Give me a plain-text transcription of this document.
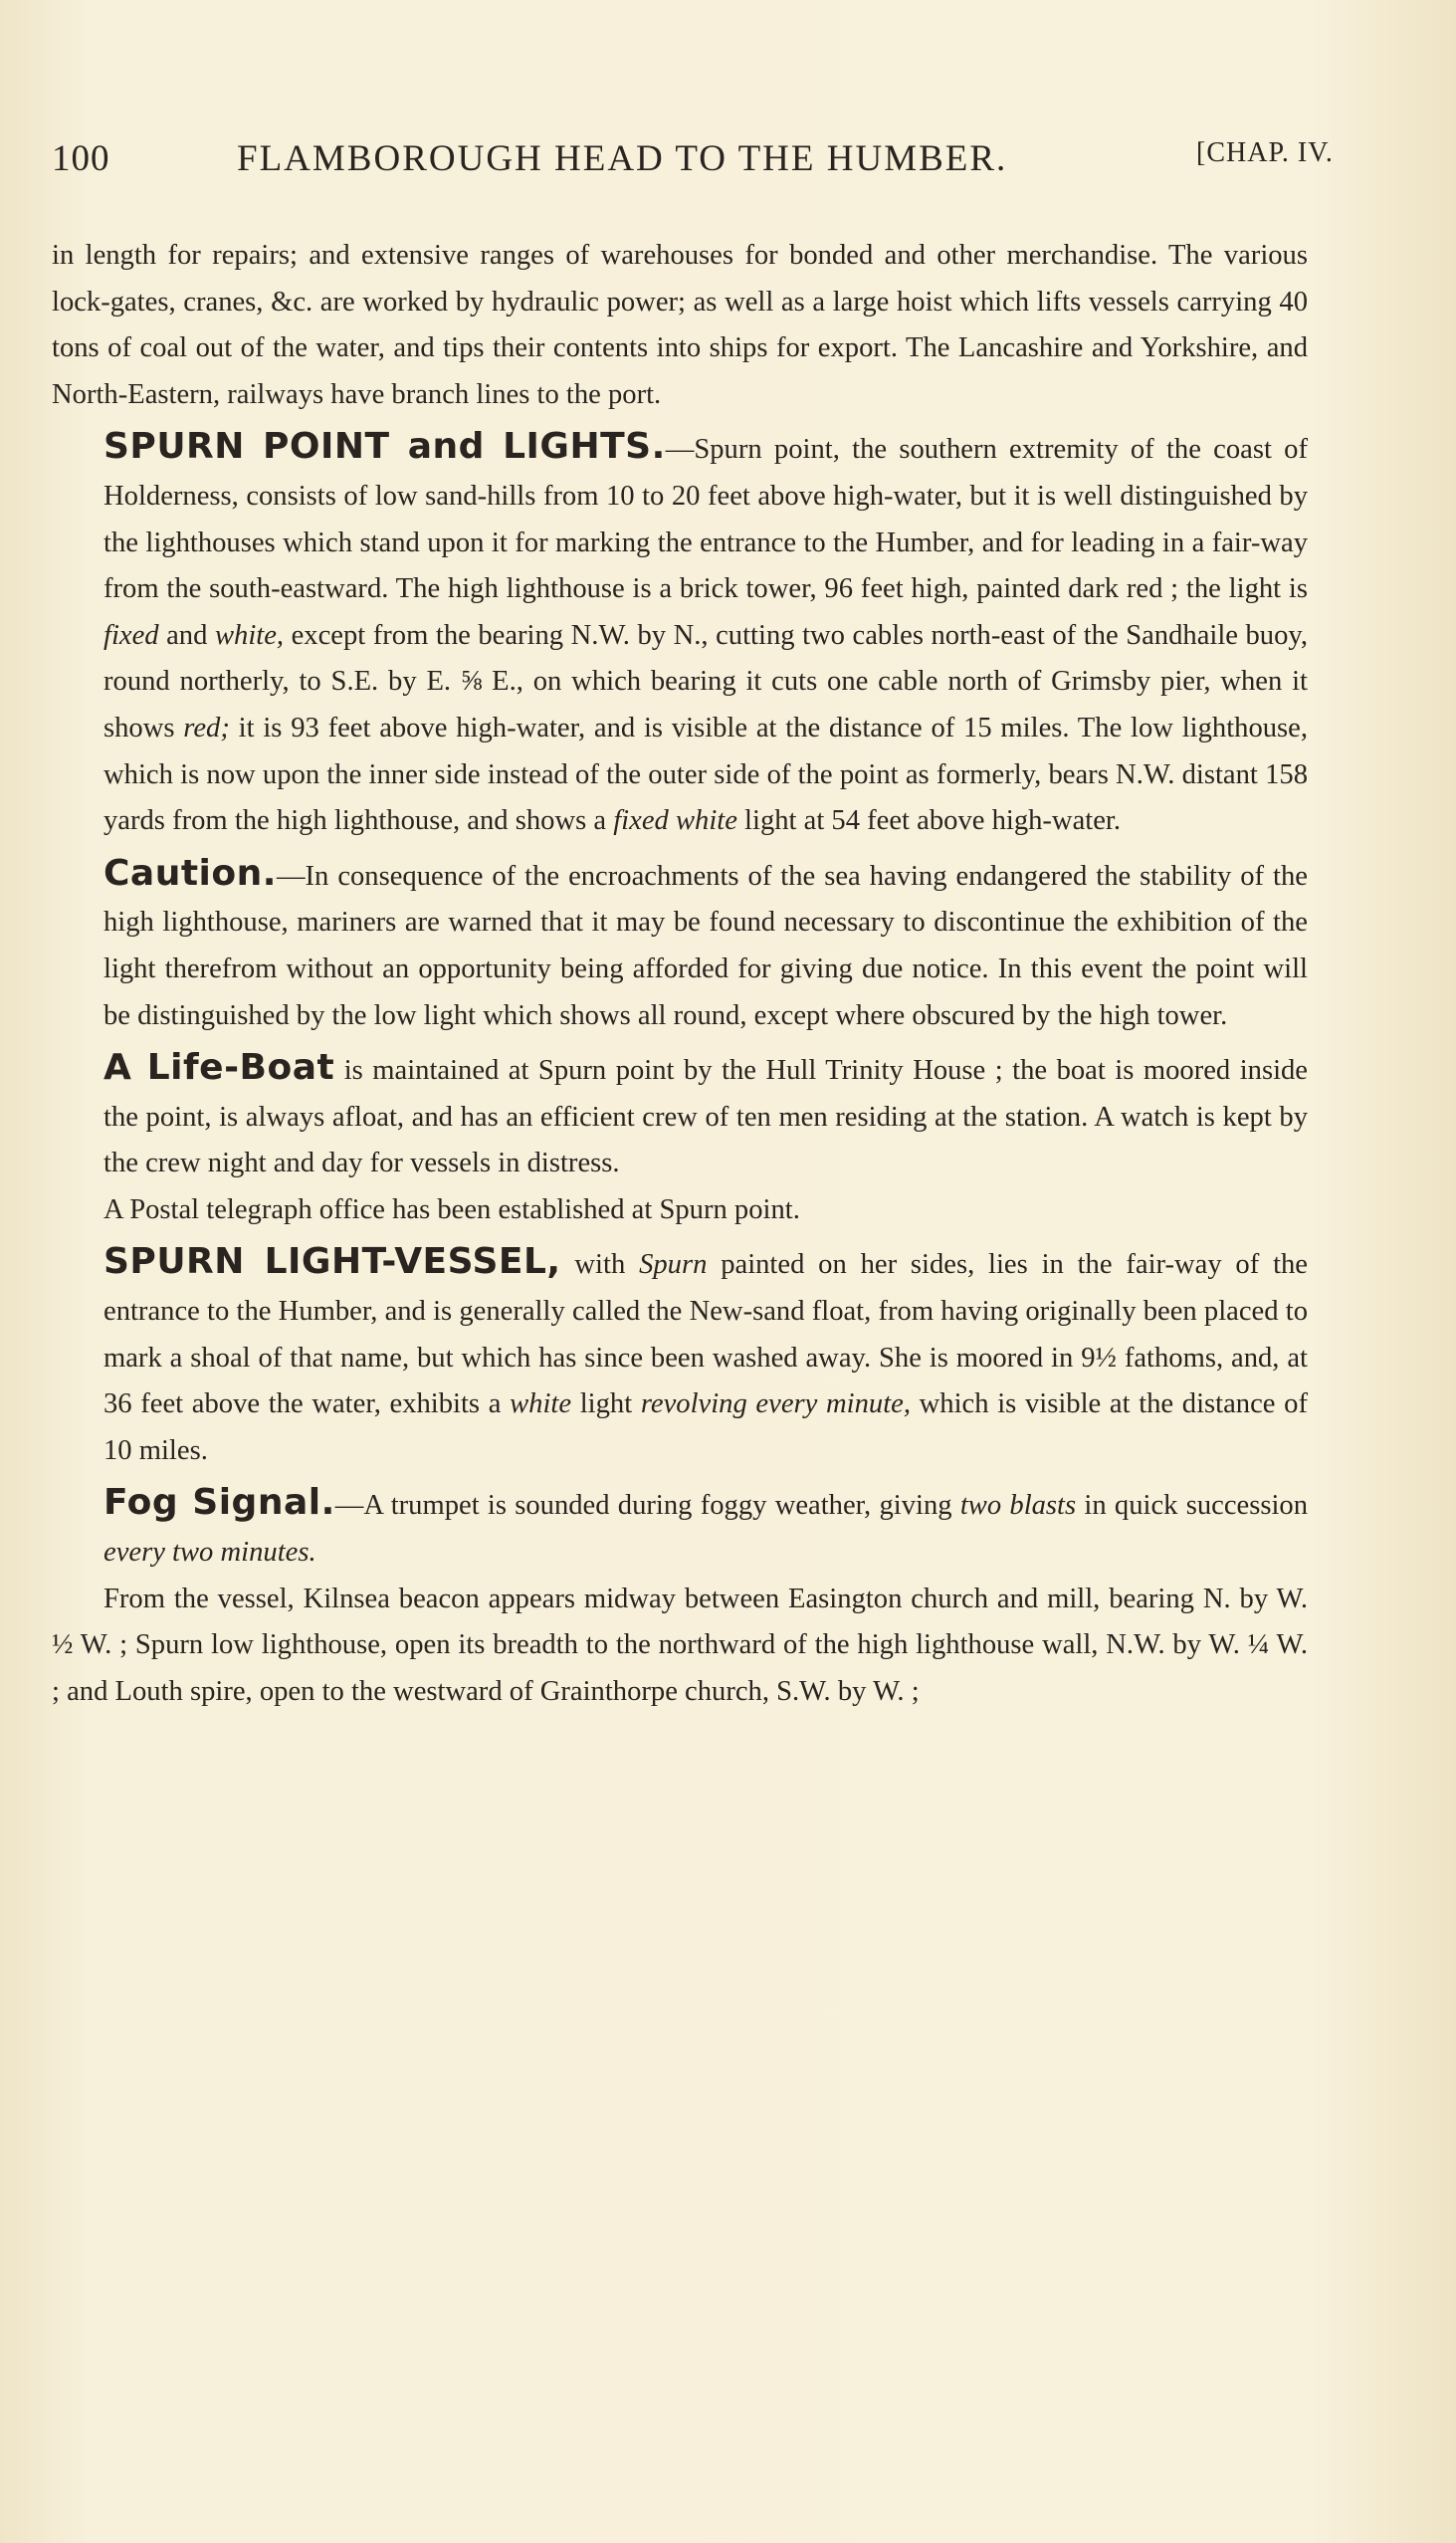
100	FLAMBOROUGH HEAD TO THE HUMBER.	[CHAP. IV.

in length for repairs; and extensive ranges of warehouses for bonded and other merchandise. The various lock-gates, cranes, &c. are worked by hydraulic power; as well as a large hoist which lifts vessels carrying 40 tons of coal out of the water, and tips their contents into ships for export. The Lancashire and Yorkshire, and North-Eastern, railways have branch lines to the port.

SPURN POINT and LIGHTS.—Spurn point, the southern extremity of the coast of Holderness, consists of low sand-hills from 10 to 20 feet above high-water, but it is well distinguished by the lighthouses which stand upon it for marking the entrance to the Humber, and for leading in a fair-way from the south-eastward. The high lighthouse is a brick tower, 96 feet high, painted dark red ; the light is fixed and white, except from the bearing N.W. by N., cutting two cables north-east of the Sandhaile buoy, round northerly, to S.E. by E. ⅝ E., on which bearing it cuts one cable north of Grimsby pier, when it shows red; it is 93 feet above high-water, and is visible at the distance of 15 miles. The low lighthouse, which is now upon the inner side instead of the outer side of the point as formerly, bears N.W. distant 158 yards from the high lighthouse, and shows a fixed white light at 54 feet above high-water.

Caution.—In consequence of the encroachments of the sea having endangered the stability of the high lighthouse, mariners are warned that it may be found necessary to discontinue the exhibition of the light therefrom without an opportunity being afforded for giving due notice. In this event the point will be distinguished by the low light which shows all round, except where obscured by the high tower.

A Life-Boat is maintained at Spurn point by the Hull Trinity House ; the boat is moored inside the point, is always afloat, and has an efficient crew of ten men residing at the station. A watch is kept by the crew night and day for vessels in distress.

A Postal telegraph office has been established at Spurn point.

SPURN LIGHT-VESSEL, with Spurn painted on her sides, lies in the fair-way of the entrance to the Humber, and is generally called the New-sand float, from having originally been placed to mark a shoal of that name, but which has since been washed away. She is moored in 9½ fathoms, and, at 36 feet above the water, exhibits a white light revolving every minute, which is visible at the distance of 10 miles.

Fog Signal.—A trumpet is sounded during foggy weather, giving two blasts in quick succession every two minutes.

From the vessel, Kilnsea beacon appears midway between Easington church and mill, bearing N. by W. ½ W. ; Spurn low lighthouse, open its breadth to the northward of the high lighthouse wall, N.W. by W. ¼ W. ; and Louth spire, open to the westward of Grainthorpe church, S.W. by W. ;
